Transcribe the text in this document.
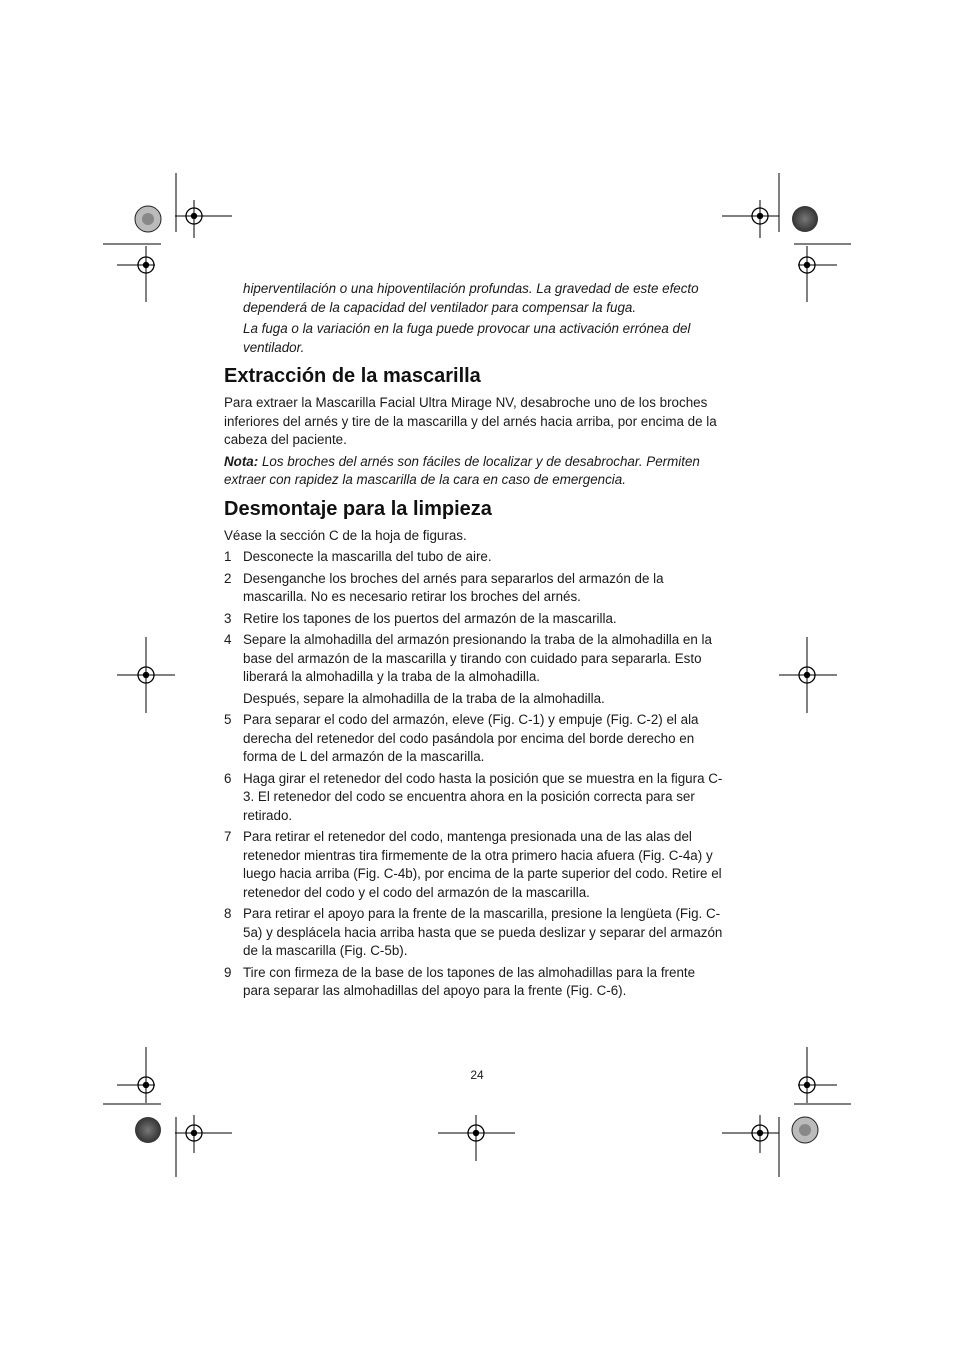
hiperventilación o una hipoventilación profundas. La gravedad de este efecto dependerá de la capacidad del ventilador para compensar la fuga.

La fuga o la variación en la fuga puede provocar una activación errónea del ventilador.

Extracción de la mascarilla

Para extraer la Mascarilla Facial Ultra Mirage NV, desabroche uno de los broches inferiores del arnés y tire de la mascarilla y del arnés hacia arriba, por encima de la cabeza del paciente.

Nota: Los broches del arnés son fáciles de localizar y de desabrochar. Permiten extraer con rapidez la mascarilla de la cara en caso de emergencia.

Desmontaje para la limpieza

Véase la sección C de la hoja de figuras.

1 Desconecte la mascarilla del tubo de aire.
2 Desenganche los broches del arnés para separarlos del armazón de la mascarilla. No es necesario retirar los broches del arnés.
3 Retire los tapones de los puertos del armazón de la mascarilla.
4 Separe la almohadilla del armazón presionando la traba de la almohadilla en la base del armazón de la mascarilla y tirando con cuidado para separarla. Esto liberará la almohadilla y la traba de la almohadilla.
Después, separe la almohadilla de la traba de la almohadilla.
5 Para separar el codo del armazón, eleve (Fig. C-1) y empuje (Fig. C-2) el ala derecha del retenedor del codo pasándola por encima del borde derecho en forma de L del armazón de la mascarilla.
6 Haga girar el retenedor del codo hasta la posición que se muestra en la figura C-3. El retenedor del codo se encuentra ahora en la posición correcta para ser retirado.
7 Para retirar el retenedor del codo, mantenga presionada una de las alas del retenedor mientras tira firmemente de la otra primero hacia afuera (Fig. C-4a) y luego hacia arriba (Fig. C-4b), por encima de la parte superior del codo. Retire el retenedor del codo y el codo del armazón de la mascarilla.
8 Para retirar el apoyo para la frente de la mascarilla, presione la lengüeta (Fig. C-5a) y desplácela hacia arriba hasta que se pueda deslizar y separar del armazón de la mascarilla (Fig. C-5b).
9 Tire con firmeza de la base de los tapones de las almohadillas para la frente para separar las almohadillas del apoyo para la frente (Fig. C-6).
24
